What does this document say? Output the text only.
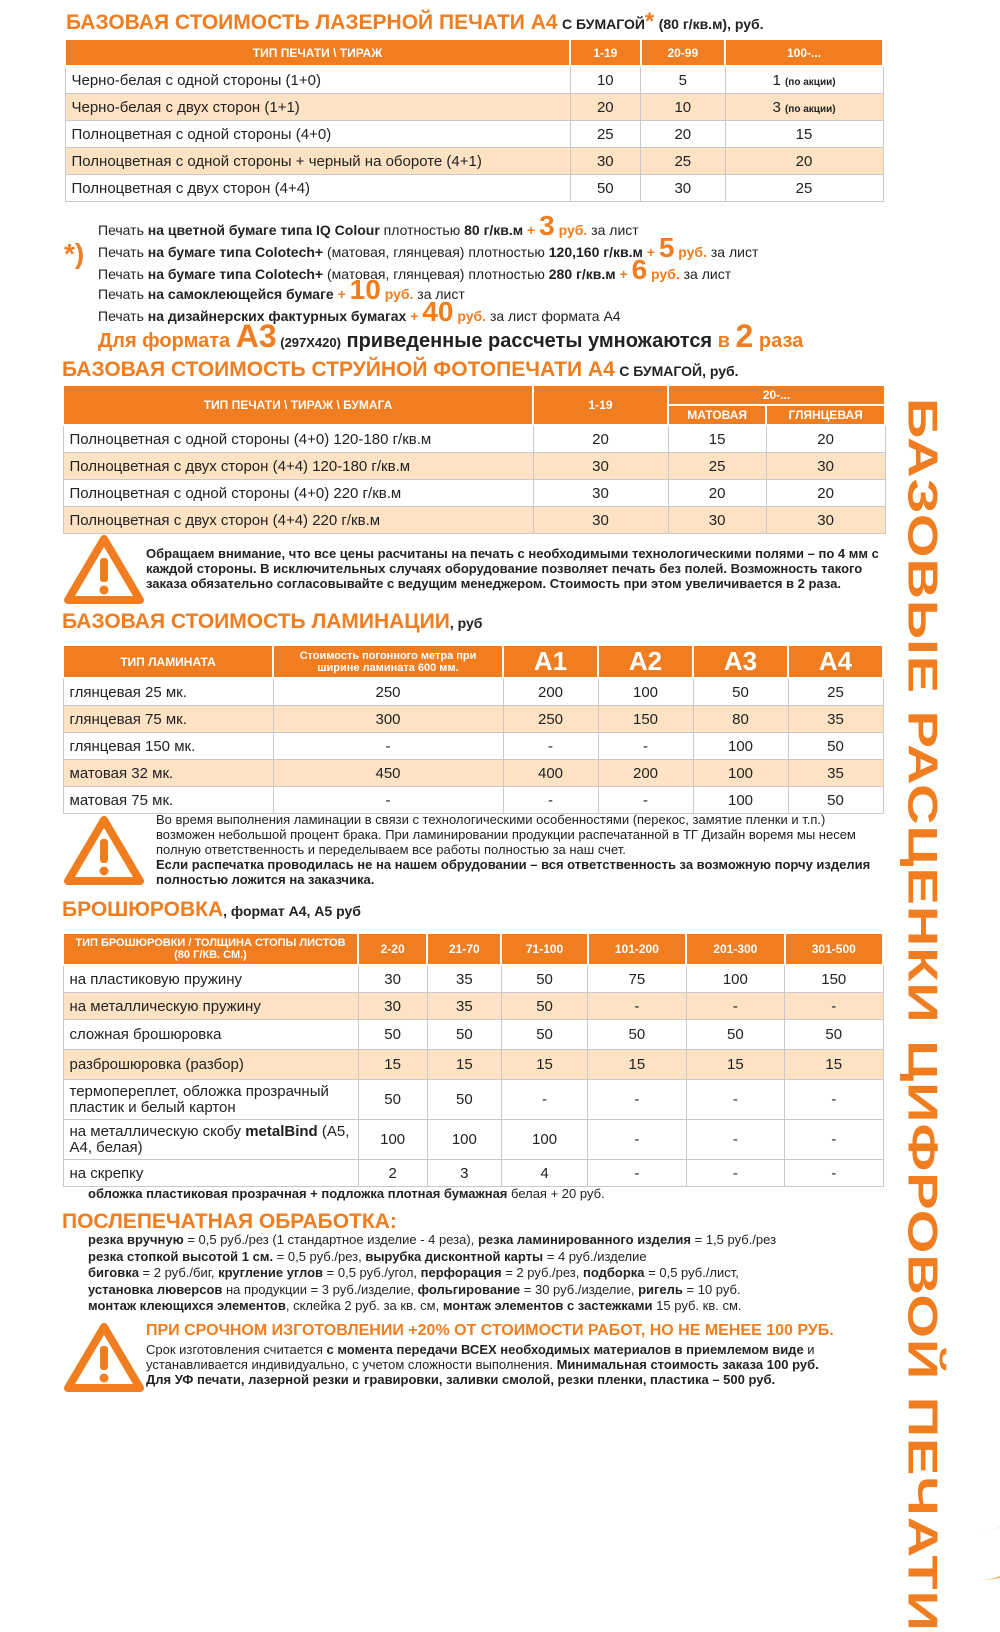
БАЗОВЫЕ РАСЦЕНКИ ЦИФРОВОЙ ПЕЧАТИ
БАЗОВАЯ СТОИМОСТЬ ЛАЗЕРНОЙ ПЕЧАТИ А4 С БУМАГОЙ* (80 г/кв.м), руб.
ТИП ПЕЧАТИ \ ТИРАЖ	1-19	20-99	100-...
Черно-белая с одной стороны (1+0)	10	5	1 (по акции)
Черно-белая с двух сторон (1+1)	20	10	3 (по акции)
Полноцветная с одной стороны (4+0)	25	20	15
Полноцветная с одной стороны + черный на обороте (4+1)	30	25	20
Полноцветная с двух сторон (4+4)	50	30	25
*)
Печать на цветной бумаге типа IQ Colour плотностью 80 г/кв.м + 3 руб. за лист
Печать на бумаге типа Colotech+ (матовая, глянцевая) плотностью 120,160 г/кв.м + 5 руб. за лист
Печать на бумаге типа Colotech+ (матовая, глянцевая) плотностью 280 г/кв.м + 6 руб. за лист
Печать на самоклеющейся бумаге + 10 руб. за лист
Печать на дизайнерских фактурных бумагах + 40 руб. за лист формата А4
Для формата А3 (297Х420) приведенные рассчеты умножаются в 2 раза
БАЗОВАЯ СТОИМОСТЬ СТРУЙНОЙ ФОТОПЕЧАТИ А4 С БУМАГОЙ, руб.
ТИП ПЕЧАТИ \ ТИРАЖ \ БУМАГА	1-19	20-...	
		МАТОВАЯ	ГЛЯНЦЕВАЯ
Полноцветная с одной стороны (4+0) 120-180 г/кв.м	20	15	20
Полноцветная с двух сторон (4+4) 120-180 г/кв.м	30	25	30
Полноцветная с одной стороны (4+0) 220 г/кв.м	30	20	20
Полноцветная с двух сторон (4+4) 220 г/кв.м	30	30	30
Обращаем внимание, что все цены расчитаны на печать с необходимыми технологическими полями – по 4 мм с каждой стороны. В исключительных случаях оборудование позволяет печать без полей. Возможность такого заказа обязательно согласовывайте с ведущим менеджером. Стоимость при этом увеличивается в 2 раза.
БАЗОВАЯ СТОИМОСТЬ ЛАМИНАЦИИ, руб
ТИП ЛАМИНАТА	Стоимость погонного метра при ширине ламината 600 мм.	А1	А2	А3	А4
глянцевая 25 мк.	250	200	100	50	25
глянцевая 75 мк.	300	250	150	80	35
глянцевая 150 мк.	-	-	-	100	50
матовая 32 мк.	450	400	200	100	35
матовая 75 мк.	-	-	-	100	50
Во время выполнения ламинации в связи с технологическими особенностями (перекос, замятие пленки и т.п.) возможен небольшой процент брака. При ламинировании продукции распечатанной в ТГ Дизайн воремя мы несем полную ответственность и переделываем все работы полностью за наш счет.
Если распечатка проводилась не на нашем обрудовании – вся ответственность за возможную порчу изделия полностью ложится на заказчика.
БРОШЮРОВКА, формат А4, А5 руб
ТИП БРОШЮРОВКИ / ТОЛЩИНА СТОПЫ ЛИСТОВ (80 Г/КВ. СМ.)	2-20	21-70	71-100	101-200	201-300	301-500
на пластиковую пружину	30	35	50	75	100	150
на металлическую пружину	30	35	50	-	-	-
сложная брошюровка	50	50	50	50	50	50
разброшюровка (разбор)	15	15	15	15	15	15
термопереплет, обложка прозрачный пластик и белый картон	50	50	-	-	-	-
на металлическую скобу metalBind (А5, А4, белая)	100	100	100	-	-	-
на скрепку	2	3	4	-	-	-
обложка пластиковая прозрачная + подложка плотная бумажная белая + 20 руб.
ПОСЛЕПЕЧАТНАЯ ОБРАБОТКА:
резка вручную = 0,5 руб./рез (1 стандартное изделие - 4 реза), резка ламинированного изделия = 1,5 руб./рез
резка стопкой высотой 1 см. = 0,5 руб./рез, вырубка дисконтной карты = 4 руб./изделие
биговка = 2 руб./биг, кругление углов = 0,5 руб./угол, перфорация = 2 руб./рез, подборка = 0,5 руб./лист,
установка люверсов на продукции = 3 руб./изделие, фольгирование = 30 руб./изделие, ригель = 10 руб.
монтаж клеющихся элементов, склейка 2 руб. за кв. см, монтаж элементов с застежками 15 руб. кв. см.
ПРИ СРОЧНОМ ИЗГОТОВЛЕНИИ +20% ОТ СТОИМОСТИ РАБОТ, НО НЕ МЕНЕЕ 100 РУБ.
Срок изготовления считается с момента передачи ВСЕХ необходимых материалов в приемлемом виде и устанавливается индивидуально, с учетом сложности выполнения. Минимальная стоимость заказа 100 руб.
Для УФ печати, лазерной резки и гравировки, заливки смолой, резки пленки, пластика – 500 руб.
